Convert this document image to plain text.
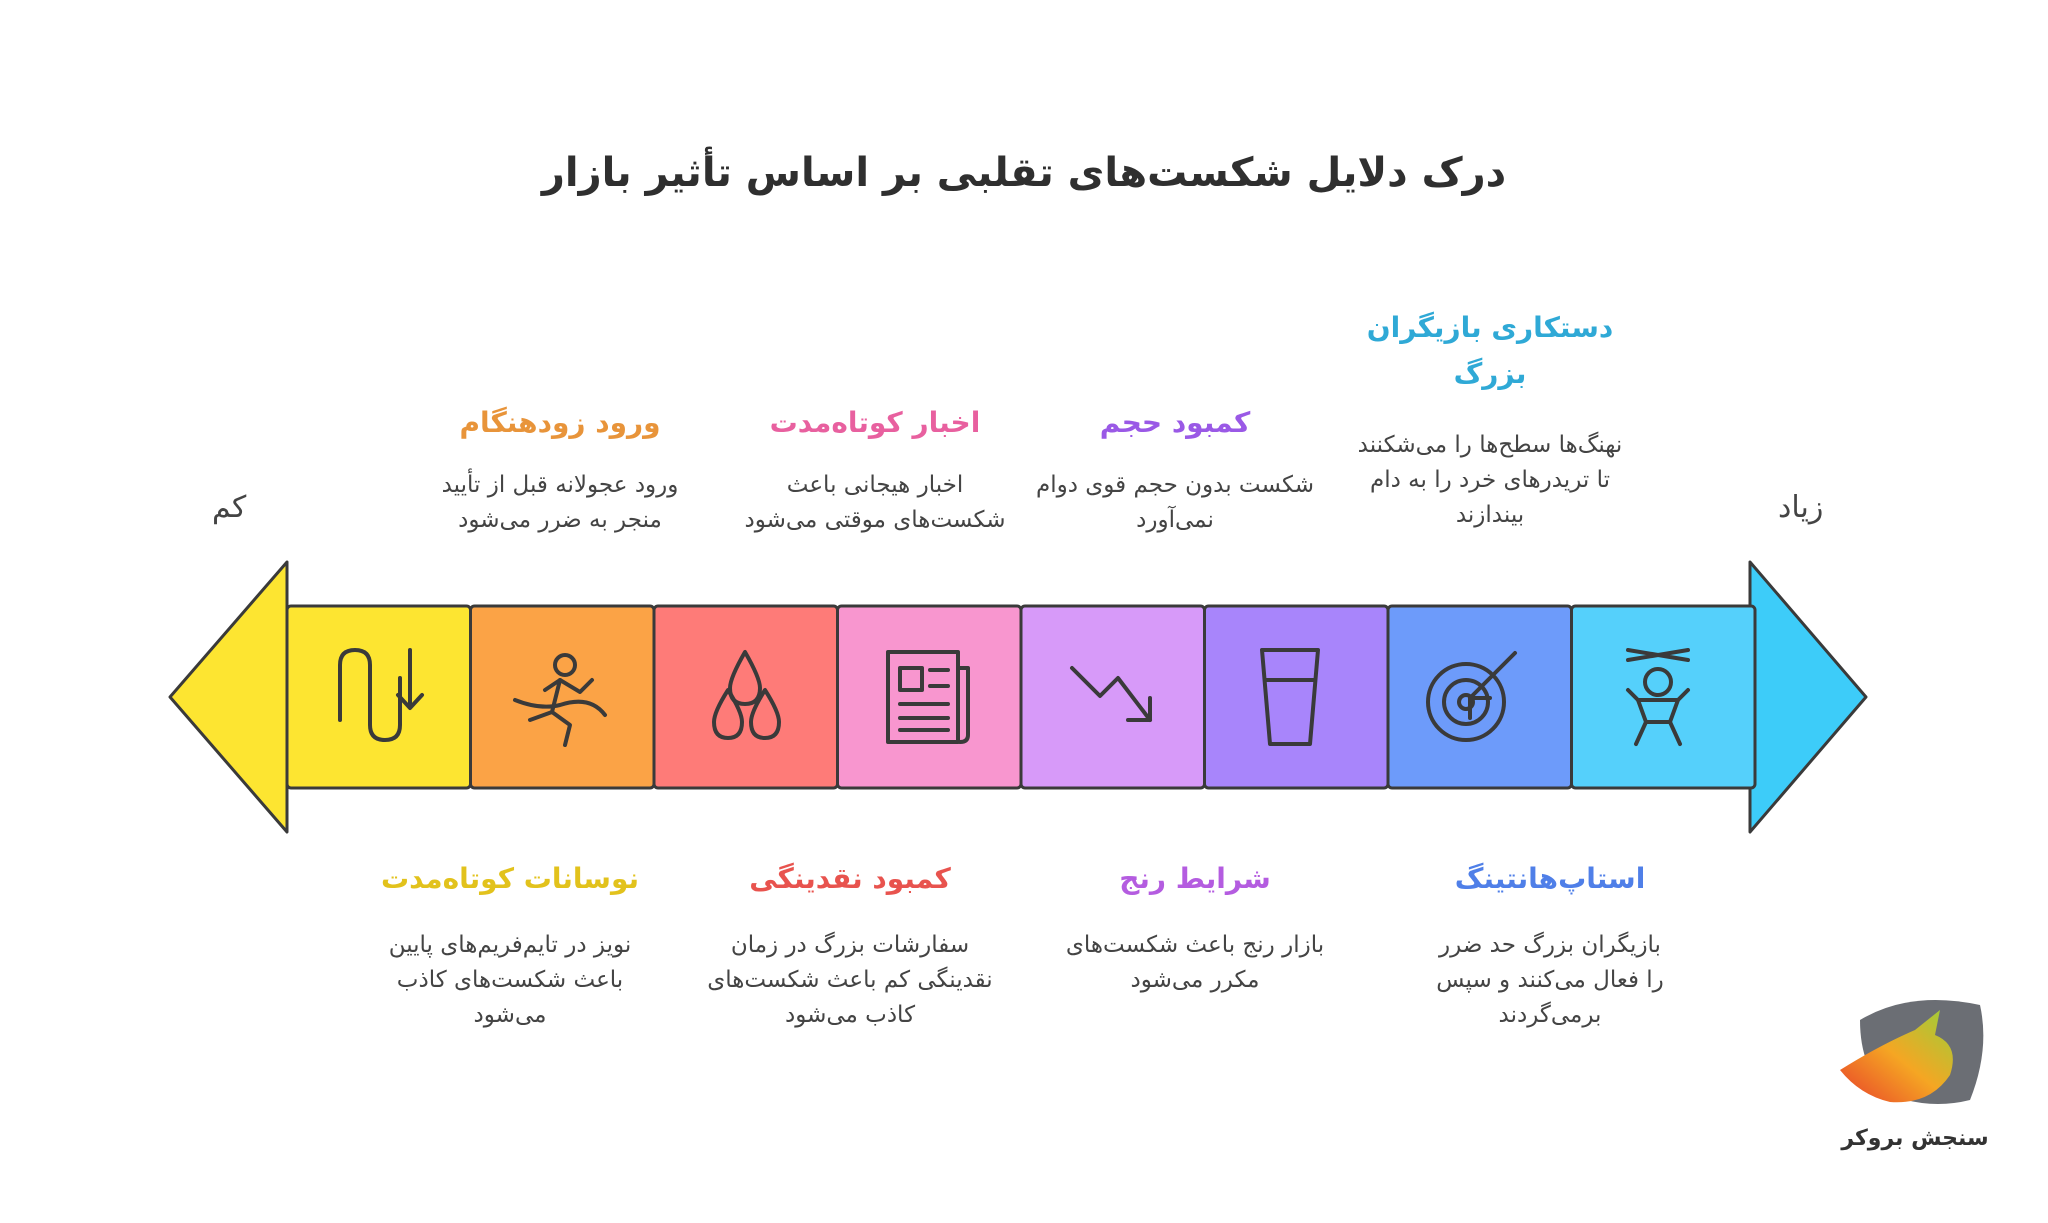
درک دلایل شکست‌های تقلبی بر اساس تأثیر بازار
کم	زیاد
ورود زودهنگام
ورود عجولانه قبل از تأیید
منجر به ضرر می‌شود
اخبار کوتاه‌مدت
اخبار هیجانی باعث
شکست‌های موقتی می‌شود
کمبود حجم
شکست بدون حجم قوی دوام
نمی‌آورد
دستکاری بازیگران
بزرگ
نهنگ‌ها سطح‌ها را می‌شکنند
تا تریدرهای خرد را به دام
بیندازند
نوسانات کوتاه‌مدت
نویز در تایم‌فریم‌های پایین
باعث شکست‌های کاذب
می‌شود
کمبود نقدینگی
سفارشات بزرگ در زمان
نقدینگی کم باعث شکست‌های
کاذب می‌شود
شرایط رنج
بازار رنج باعث شکست‌های
مکرر می‌شود
استاپ‌هانتینگ
بازیگران بزرگ حد ضرر
را فعال می‌کنند و سپس
برمی‌گردند
سنجش بروکر
